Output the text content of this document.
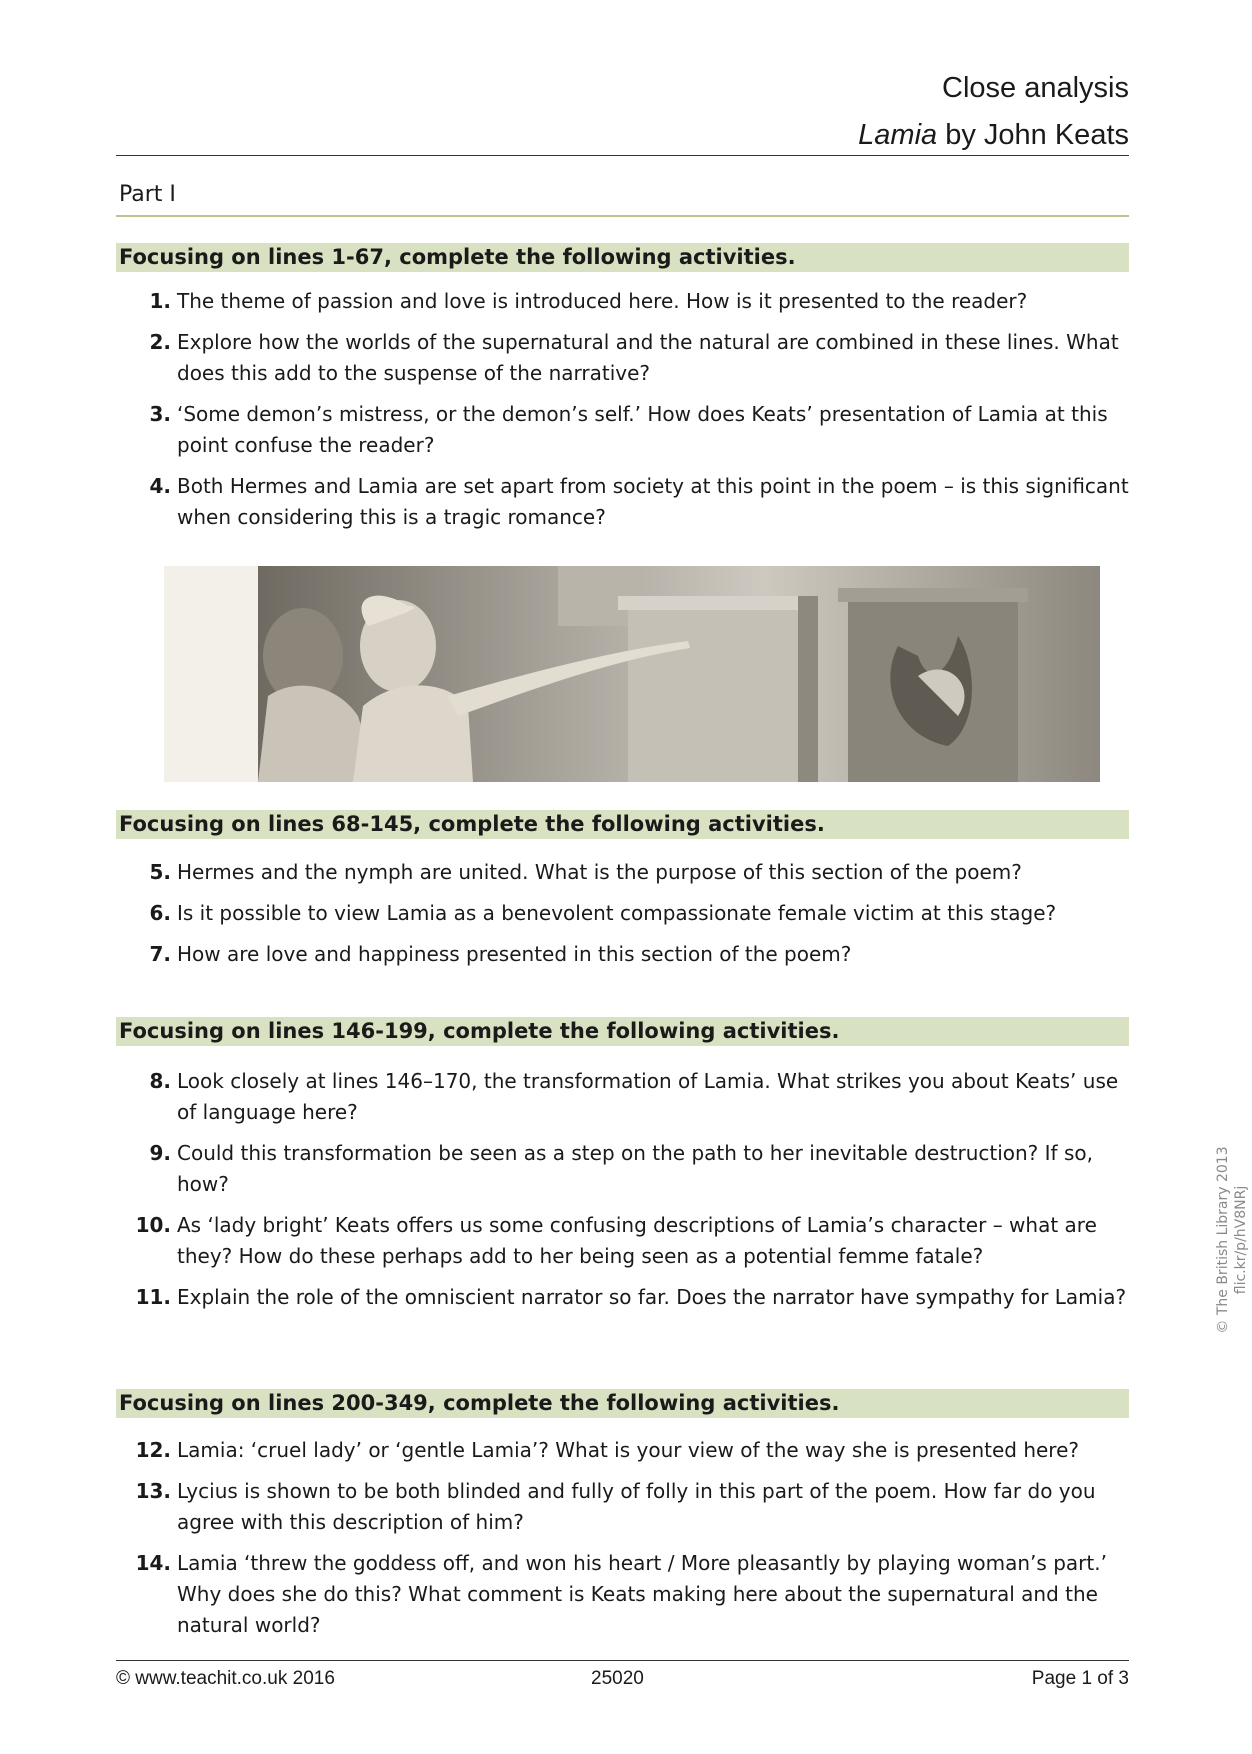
Close analysis
Lamia by John Keats
Part I
Focusing on lines 1-67, complete the following activities.
1. The theme of passion and love is introduced here. How is it presented to the reader?
2. Explore how the worlds of the supernatural and the natural are combined in these lines. What does this add to the suspense of the narrative?
3. ‘Some demon’s mistress, or the demon’s self.’ How does Keats’ presentation of Lamia at this point confuse the reader?
4. Both Hermes and Lamia are set apart from society at this point in the poem – is this significant when considering this is a tragic romance?
© The British Library 2013 flic.kr/p/hV8NRj
Focusing on lines 68-145, complete the following activities.
5. Hermes and the nymph are united. What is the purpose of this section of the poem?
6. Is it possible to view Lamia as a benevolent compassionate female victim at this stage?
7. How are love and happiness presented in this section of the poem?
Focusing on lines 146-199, complete the following activities.
8. Look closely at lines 146–170, the transformation of Lamia. What strikes you about Keats’ use of language here?
9. Could this transformation be seen as a step on the path to her inevitable destruction? If so, how?
10. As ‘lady bright’ Keats offers us some confusing descriptions of Lamia’s character – what are they? How do these perhaps add to her being seen as a potential femme fatale?
11. Explain the role of the omniscient narrator so far. Does the narrator have sympathy for Lamia?
Focusing on lines 200-349, complete the following activities.
12. Lamia: ‘cruel lady’ or ‘gentle Lamia’? What is your view of the way she is presented here?
13. Lycius is shown to be both blinded and fully of folly in this part of the poem. How far do you agree with this description of him?
14. Lamia ‘threw the goddess off, and won his heart / More pleasantly by playing woman’s part.’ Why does she do this? What comment is Keats making here about the supernatural and the natural world?

© www.teachit.co.uk 2016	25020	Page 1 of 3
